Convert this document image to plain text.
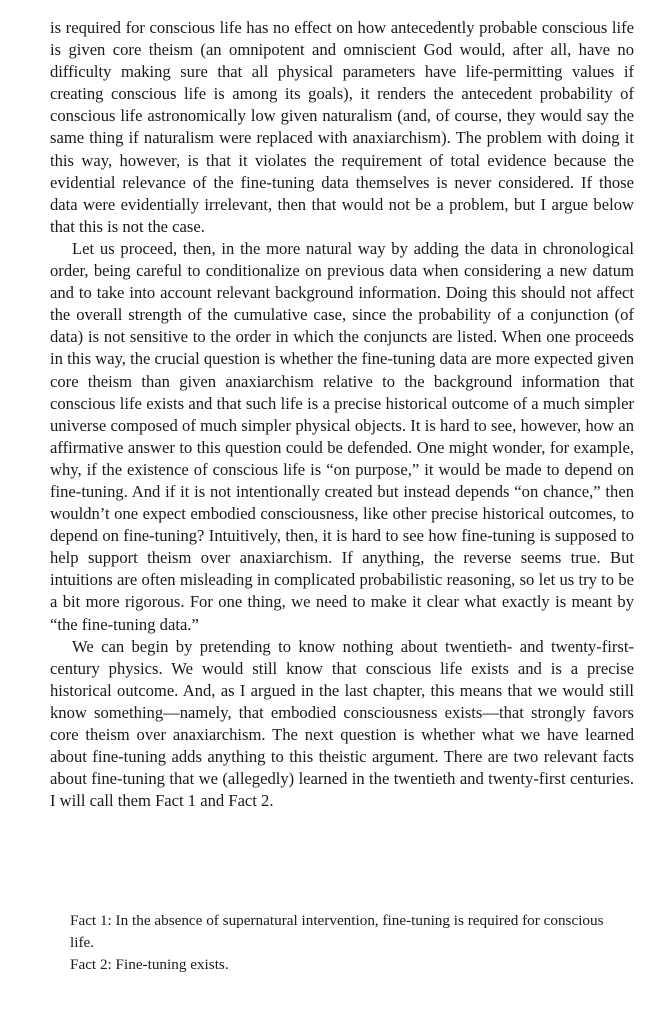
is required for conscious life has no effect on how antecedently probable conscious life is given core theism (an omnipotent and omniscient God would, after all, have no difficulty making sure that all physical parameters have life-permitting values if creating conscious life is among its goals), it renders the antecedent probability of conscious life astronomically low given naturalism (and, of course, they would say the same thing if naturalism were replaced with anaxiarchism). The problem with doing it this way, however, is that it violates the requirement of total evidence because the evidential relevance of the fine-tuning data themselves is never considered. If those data were evidentially irrelevant, then that would not be a problem, but I argue below that this is not the case.

Let us proceed, then, in the more natural way by adding the data in chronological order, being careful to conditionalize on previous data when considering a new datum and to take into account relevant background information. Doing this should not affect the overall strength of the cumulative case, since the probability of a conjunction (of data) is not sensitive to the order in which the conjuncts are listed. When one proceeds in this way, the crucial question is whether the fine-tuning data are more expected given core theism than given anaxiarchism relative to the background information that conscious life exists and that such life is a precise historical outcome of a much simpler universe composed of much simpler physical objects. It is hard to see, however, how an affirmative answer to this question could be defended. One might wonder, for example, why, if the existence of conscious life is “on purpose,” it would be made to depend on fine-tuning. And if it is not intentionally created but instead depends “on chance,” then wouldn’t one expect embodied consciousness, like other precise historical outcomes, to depend on fine-tuning? Intuitively, then, it is hard to see how fine-tuning is supposed to help support theism over anaxiarchism. If anything, the reverse seems true. But intuitions are often misleading in complicated probabilistic reasoning, so let us try to be a bit more rigorous. For one thing, we need to make it clear what exactly is meant by “the fine-tuning data.”

We can begin by pretending to know nothing about twentieth- and twenty-first-century physics. We would still know that conscious life exists and is a precise historical outcome. And, as I argued in the last chapter, this means that we would still know something—namely, that embodied consciousness exists—that strongly favors core theism over anaxiarchism. The next question is whether what we have learned about fine-tuning adds anything to this theistic argument. There are two relevant facts about fine-tuning that we (allegedly) learned in the twentieth and twenty-first centuries. I will call them Fact 1 and Fact 2.

Fact 1: In the absence of supernatural intervention, fine-tuning is required for conscious life.

Fact 2: Fine-tuning exists.
